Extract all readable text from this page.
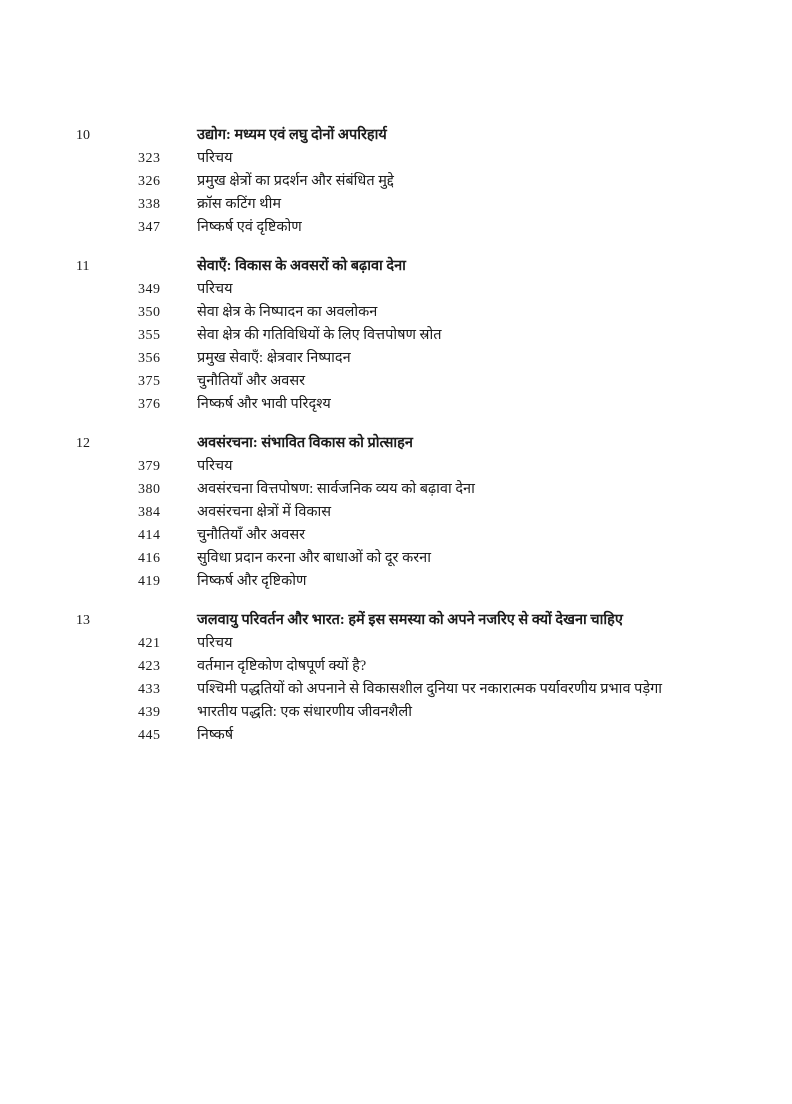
10	उद्योग: मध्यम एवं लघु दोनों अपरिहार्य
323	परिचय
326	प्रमुख क्षेत्रों का प्रदर्शन और संबंधित मुद्दे
338	क्रॉस कटिंग थीम
347	निष्कर्ष एवं दृष्टिकोण
11	सेवाएँ: विकास के अवसरों को बढ़ावा देना
349	परिचय
350	सेवा क्षेत्र के निष्पादन का अवलोकन
355	सेवा क्षेत्र की गतिविधियों के लिए वित्तपोषण स्रोत
356	प्रमुख सेवाएँ: क्षेत्रवार निष्पादन
375	चुनौतियाँ और अवसर
376	निष्कर्ष और भावी परिदृश्य
12	अवसंरचना: संभावित विकास को प्रोत्साहन
379	परिचय
380	अवसंरचना वित्तपोषण: सार्वजनिक व्यय को बढ़ावा देना
384	अवसंरचना क्षेत्रों में विकास
414	चुनौतियाँ और अवसर
416	सुविधा प्रदान करना और बाधाओं को दूर करना
419	निष्कर्ष और दृष्टिकोण
13	जलवायु परिवर्तन और भारत: हमें इस समस्या को अपने नजरिए से क्यों देखना चाहिए
421	परिचय
423	वर्तमान दृष्टिकोण दोषपूर्ण क्यों है?
433	पश्चिमी पद्धतियों को अपनाने से विकासशील दुनिया पर नकारात्मक पर्यावरणीय प्रभाव पड़ेगा
439	भारतीय पद्धति: एक संधारणीय जीवनशैली
445	निष्कर्ष
